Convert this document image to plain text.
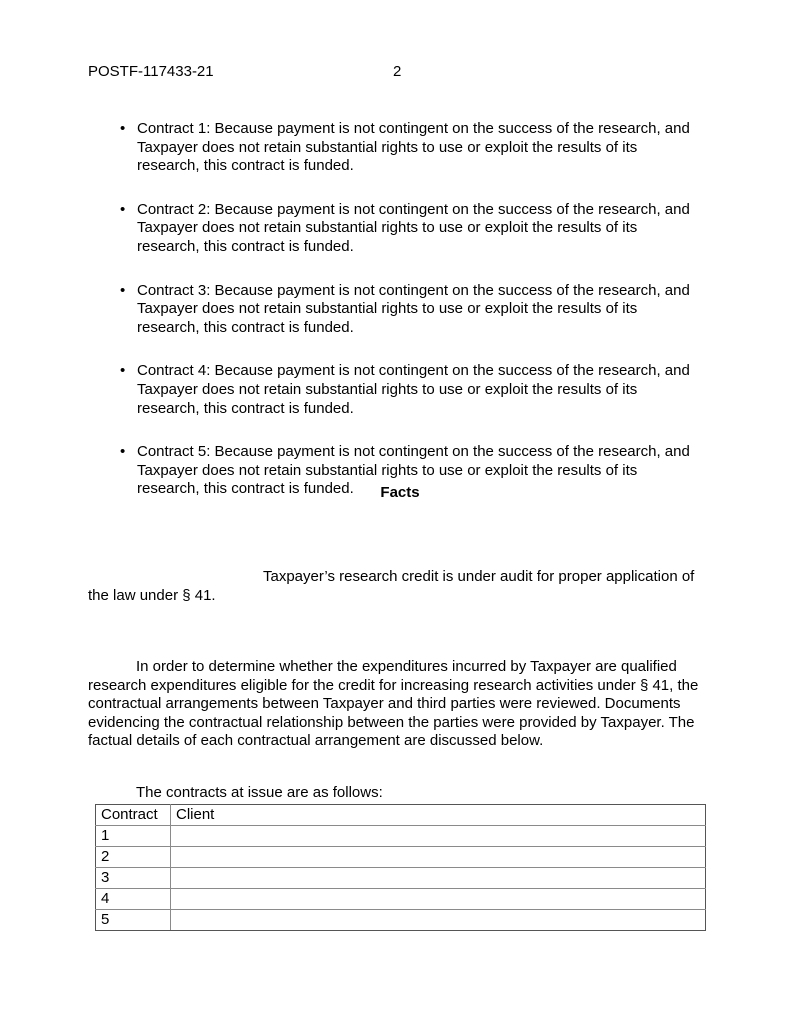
POSTF-117433-21	2
• Contract 1: Because payment is not contingent on the success of the research, and Taxpayer does not retain substantial rights to use or exploit the results of its research, this contract is funded.
• Contract 2: Because payment is not contingent on the success of the research, and Taxpayer does not retain substantial rights to use or exploit the results of its research, this contract is funded.
• Contract 3: Because payment is not contingent on the success of the research, and Taxpayer does not retain substantial rights to use or exploit the results of its research, this contract is funded.
• Contract 4: Because payment is not contingent on the success of the research, and Taxpayer does not retain substantial rights to use or exploit the results of its research, this contract is funded.
• Contract 5: Because payment is not contingent on the success of the research, and Taxpayer does not retain substantial rights to use or exploit the results of its research, this contract is funded.	Facts

Taxpayer’s research credit is under audit for proper application of the law under § 41.

In order to determine whether the expenditures incurred by Taxpayer are qualified research expenditures eligible for the credit for increasing research activities under § 41, the contractual arrangements between Taxpayer and third parties were reviewed. Documents evidencing the contractual relationship between the parties were provided by Taxpayer. The factual details of each contractual arrangement are discussed below.

The contracts at issue are as follows:

Contract	Client
1	
2	
3	
4	
5	
